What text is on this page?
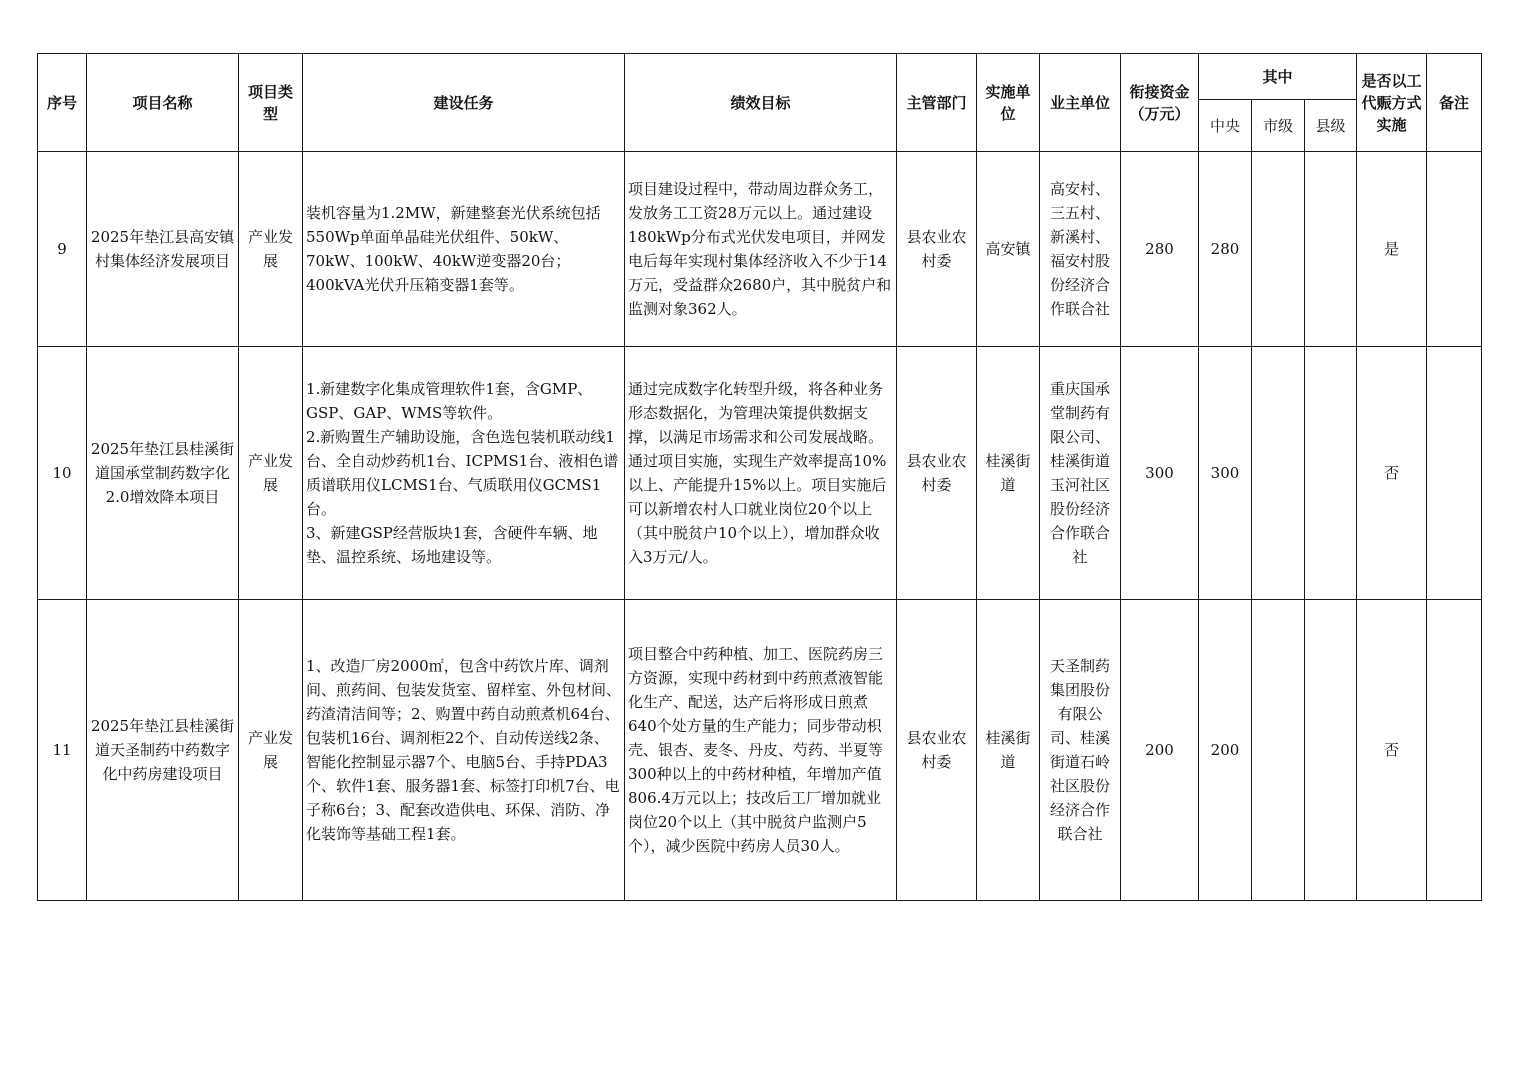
序号	项目名称	项目类型	建设任务	绩效目标	主管部门	实施单位	业主单位	衔接资金（万元）	其中			是否以工代赈方式实施	备注
									中央	市级	县级		
9	2025年垫江县高安镇村集体经济发展项目	产业发展	装机容量为1.2MW，新建整套光伏系统包括550Wp单面单晶硅光伏组件、50kW、70kW、100kW、40kW逆变器20台；400kVA光伏升压箱变器1套等。	项目建设过程中，带动周边群众务工，发放务工工资28万元以上。通过建设180kWp分布式光伏发电项目，并网发电后每年实现村集体经济收入不少于14万元，受益群众2680户，其中脱贫户和监测对象362人。	县农业农村委	高安镇	高安村、三五村、新溪村、福安村股份经济合作联合社	280	280			是	
10	2025年垫江县桂溪街道国承堂制药数字化2.0增效降本项目	产业发展	1.新建数字化集成管理软件1套，含GMP、GSP、GAP、WMS等软件。
2.新购置生产辅助设施，含色选包装机联动线1台、全自动炒药机1台、ICPMS1台、液相色谱质谱联用仪LCMS1台、气质联用仪GCMS1台。
3、新建GSP经营版块1套，含硬件车辆、地垫、温控系统、场地建设等。	通过完成数字化转型升级，将各种业务形态数据化，为管理决策提供数据支撑，以满足市场需求和公司发展战略。通过项目实施，实现生产效率提高10%以上、产能提升15%以上。项目实施后可以新增农村人口就业岗位20个以上（其中脱贫户10个以上），增加群众收入3万元/人。	县农业农村委	桂溪街道	重庆国承堂制药有限公司、桂溪街道玉河社区股份经济合作联合社	300	300			否	
11	2025年垫江县桂溪街道天圣制药中药数字化中药房建设项目	产业发展	1、改造厂房2000㎡，包含中药饮片库、调剂间、煎药间、包装发货室、留样室、外包材间、药渣清洁间等；2、购置中药自动煎煮机64台、包装机16台、调剂柜22个、自动传送线2条、智能化控制显示器7个、电脑5台、手持PDA3个、软件1套、服务器1套、标签打印机7台、电子称6台；3、配套改造供电、环保、消防、净化装饰等基础工程1套。	项目整合中药种植、加工、医院药房三方资源，实现中药材到中药煎煮液智能化生产、配送，达产后将形成日煎煮640个处方量的生产能力；同步带动枳壳、银杏、麦冬、丹皮、芍药、半夏等300种以上的中药材种植，年增加产值806.4万元以上；技改后工厂增加就业岗位20个以上（其中脱贫户监测户5个），减少医院中药房人员30人。	县农业农村委	桂溪街道	天圣制药集团股份有限公司、桂溪街道石岭社区股份经济合作联合社	200	200			否	
